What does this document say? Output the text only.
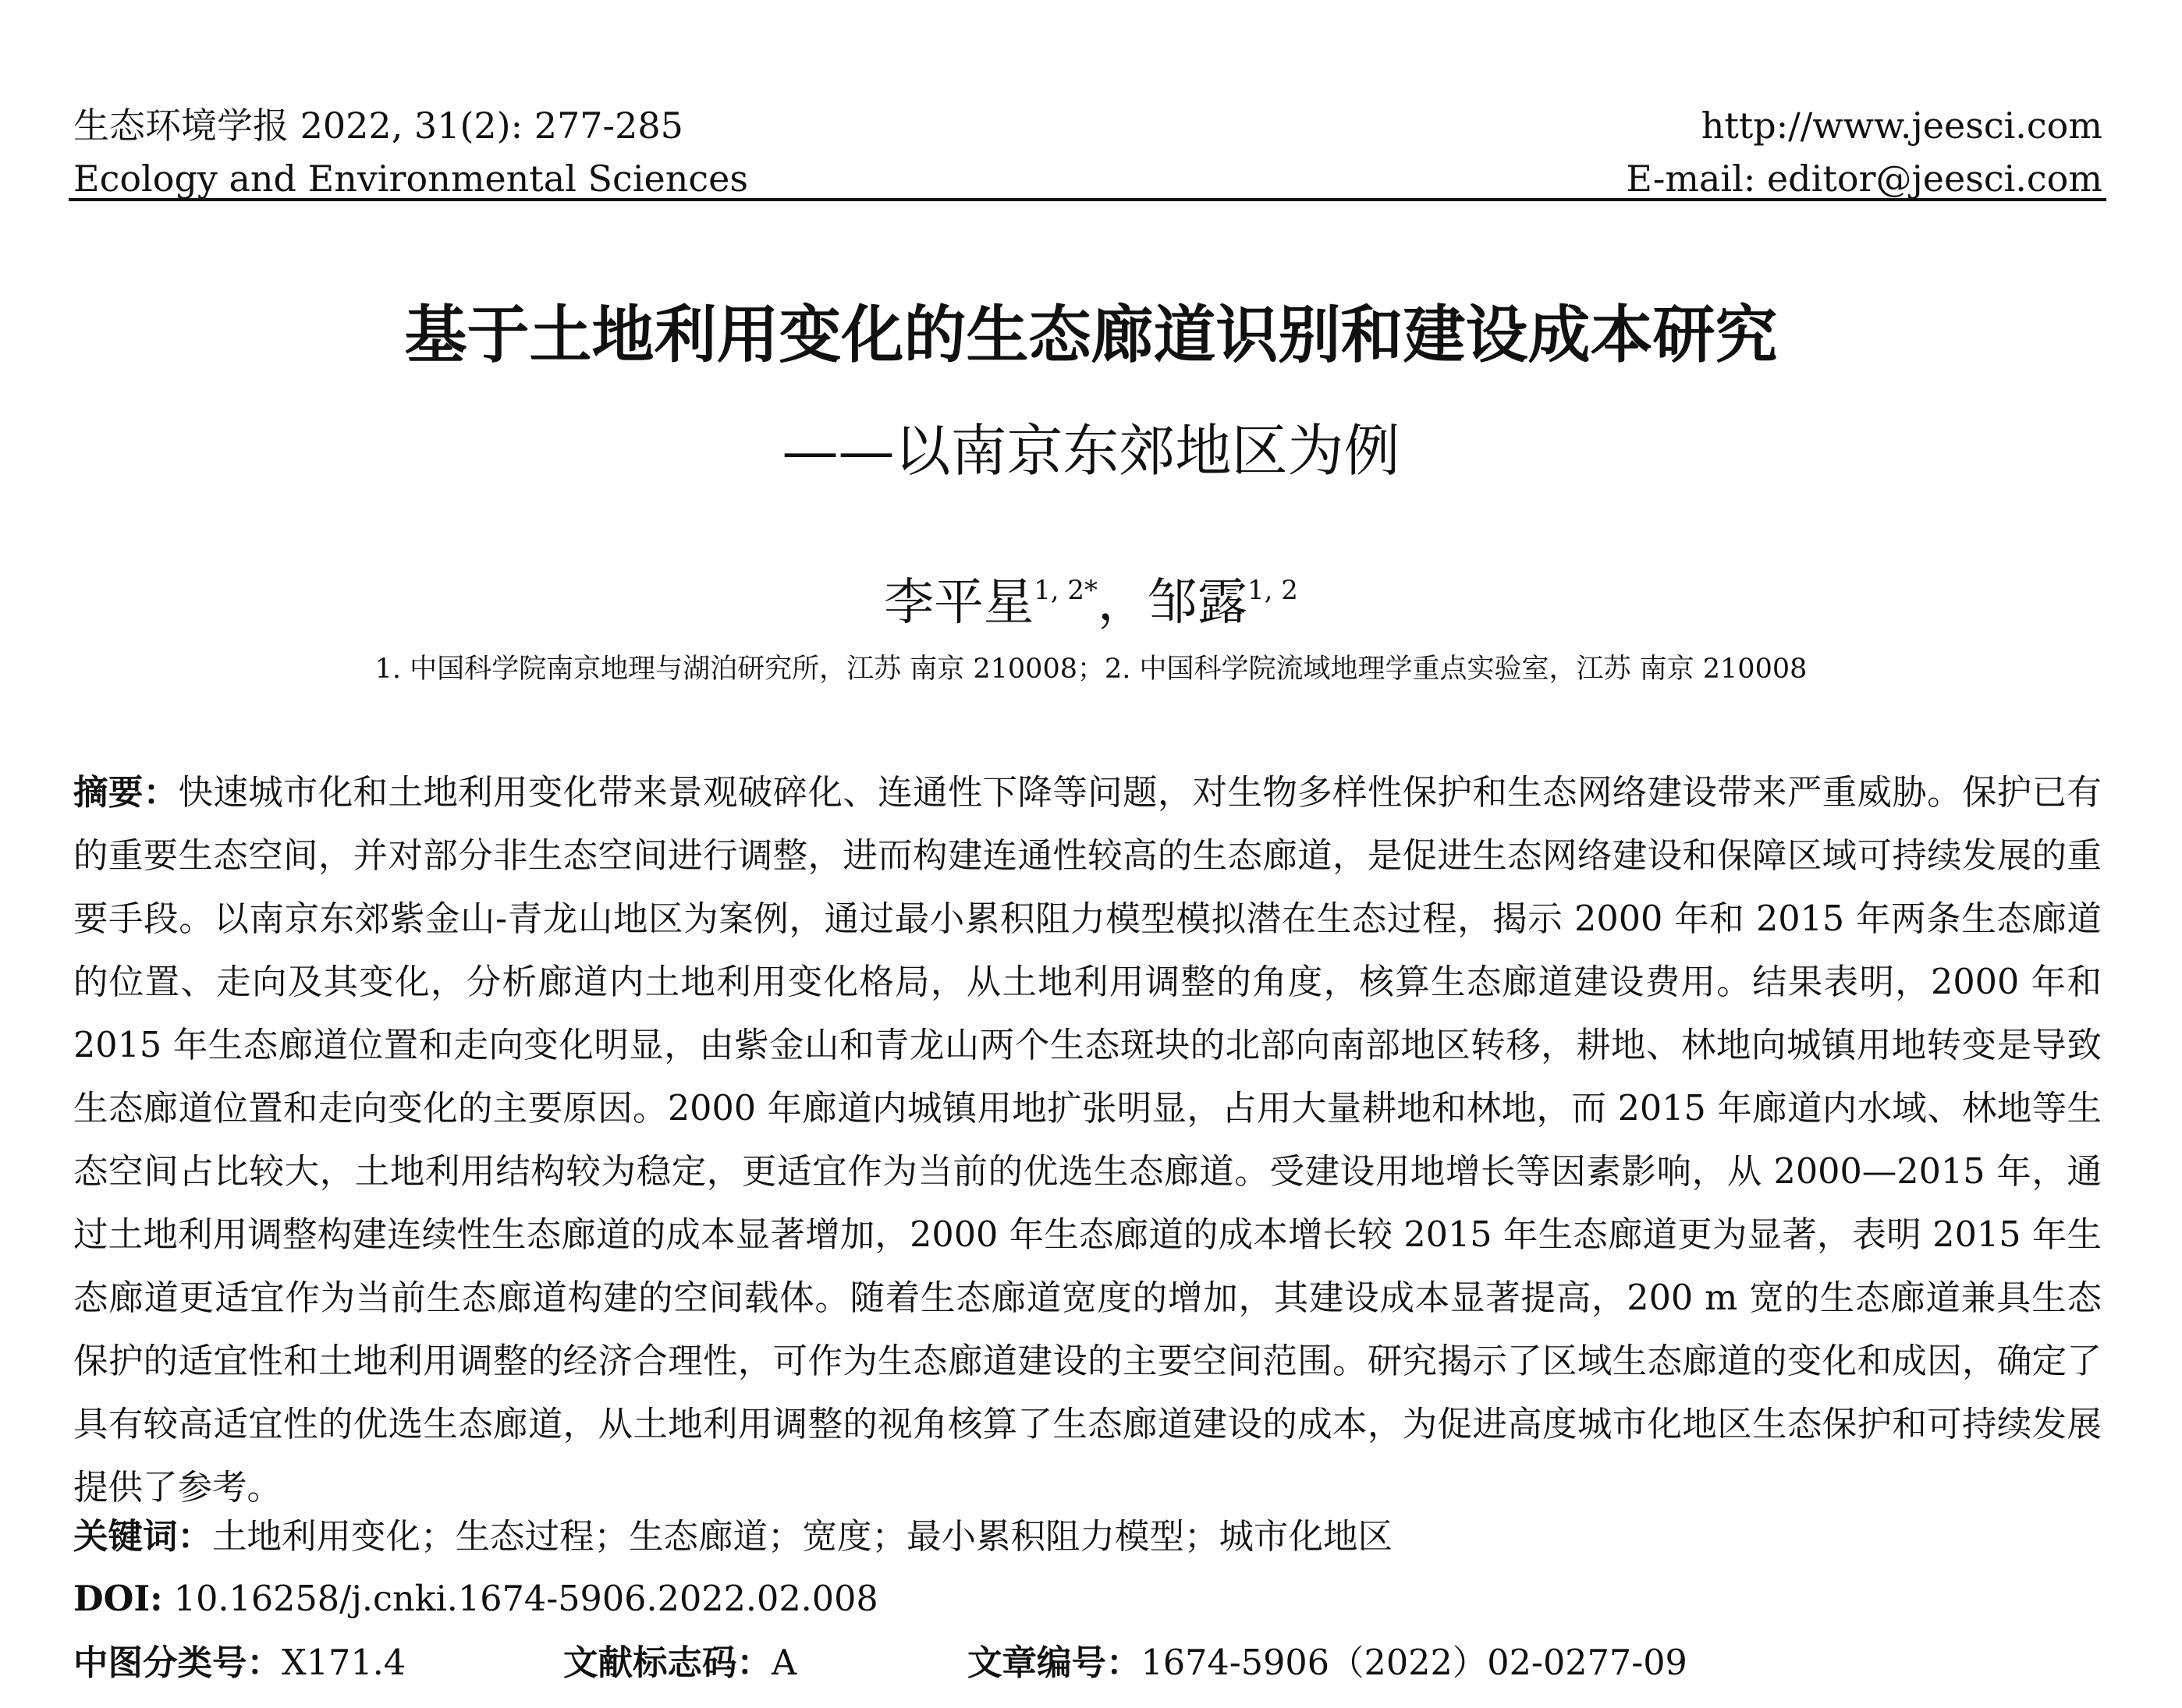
生态环境学报 2022, 31(2): 277-285
Ecology and Environmental Sciences
http://www.jeesci.com
E-mail: editor@jeesci.com
基于土地利用变化的生态廊道识别和建设成本研究
——以南京东郊地区为例
李平星$^{1, 2*}$，邹露$^{1, 2}$
1. 中国科学院南京地理与湖泊研究所，江苏 南京 210008；2. 中国科学院流域地理学重点实验室，江苏 南京 210008
摘要：快速城市化和土地利用变化带来景观破碎化、连通性下降等问题，对生物多样性保护和生态网络建设带来严重威胁。保护已有的重要生态空间，并对部分非生态空间进行调整，进而构建连通性较高的生态廊道，是促进生态网络建设和保障区域可持续发展的重要手段。以南京东郊紫金山-青龙山地区为案例，通过最小累积阻力模型模拟潜在生态过程，揭示 2000 年和 2015 年两条生态廊道的位置、走向及其变化，分析廊道内土地利用变化格局，从土地利用调整的角度，核算生态廊道建设费用。结果表明，2000 年和 2015 年生态廊道位置和走向变化明显，由紫金山和青龙山两个生态斑块的北部向南部地区转移，耕地、林地向城镇用地转变是导致生态廊道位置和走向变化的主要原因。2000 年廊道内城镇用地扩张明显，占用大量耕地和林地，而 2015 年廊道内水域、林地等生态空间占比较大，土地利用结构较为稳定，更适宜作为当前的优选生态廊道。受建设用地增长等因素影响，从 2000—2015 年，通过土地利用调整构建连续性生态廊道的成本显著增加，2000 年生态廊道的成本增长较 2015 年生态廊道更为显著，表明 2015 年生态廊道更适宜作为当前生态廊道构建的空间载体。随着生态廊道宽度的增加，其建设成本显著提高，200 m 宽的生态廊道兼具生态保护的适宜性和土地利用调整的经济合理性，可作为生态廊道建设的主要空间范围。研究揭示了区域生态廊道的变化和成因，确定了具有较高适宜性的优选生态廊道，从土地利用调整的视角核算了生态廊道建设的成本，为促进高度城市化地区生态保护和可持续发展提供了参考。
关键词：土地利用变化；生态过程；生态廊道；宽度；最小累积阻力模型；城市化地区
DOI: 10.16258/j.cnki.1674-5906.2022.02.008
中图分类号：X171.4	文献标志码：A	文章编号：1674-5906（2022）02-0277-09
